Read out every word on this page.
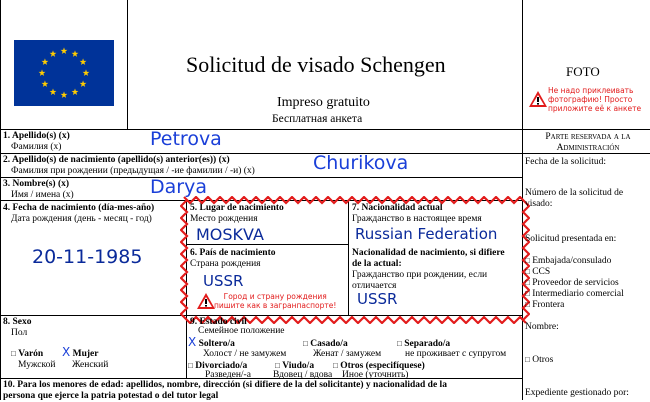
Solicitud de visado Schengen
Impreso gratuito
Бесплатная анкета
FOTO
Не надо приклеивать
фотографию! Просто
приложите её к анкете
1. Apellido(s) (x)
Фамилия (х)	Petrova
2. Apellido(s) de nacimiento (apellido(s) anterior(es)) (x)
Фамилия при рождении (предыдущая / -ие фамилии / -и) (х)	Churikova
3. Nombre(s) (x)
Имя / имена (х)	Darya
4. Fecha de nacimiento (día-mes-año)
Дата рождения (день - месяц - год)
20-11-1985
5. Lugar de nacimiento
Место рождения
MOSKVA
6. País de nacimiento
Страна рождения
USSR
Город и страну рождения
пишите как в загранпаспорте!
7. Nacionalidad actual
Гражданство в настоящее время
Russian Federation
Nacionalidad de nacimiento, si difiere
de la actual:
Гражданство при рождении, если
отличается
USSR
8. Sexo
Пол
□ Varón X Mujer
Мужской Женский
9. Estado civil
Семейное положение
X Soltero/a	□ Casado/a	□ Separado/a
Холост / не замужем	Женат / замужем	не проживает с супругом
□ Divorciado/a	□ Viudo/a □ Otros (especifíquese)
Разведен/-а Вдовец / вдова Иное (уточнить)
10. Para los menores de edad: apellidos, nombre, dirección (si difiere de la del solicitante) y nacionalidad de la
persona que ejerce la patria potestad o del tutor legal
Parte reservada a la
Administración
Fecha de la solicitud:
Número de la solicitud de
visado:
Solicitud presentada en:
□ Embajada/consulado
□ CCS
□ Proveedor de servicios
□ Intermediario comercial
□ Frontera
Nombre:
□ Otros
Expediente gestionado por:
